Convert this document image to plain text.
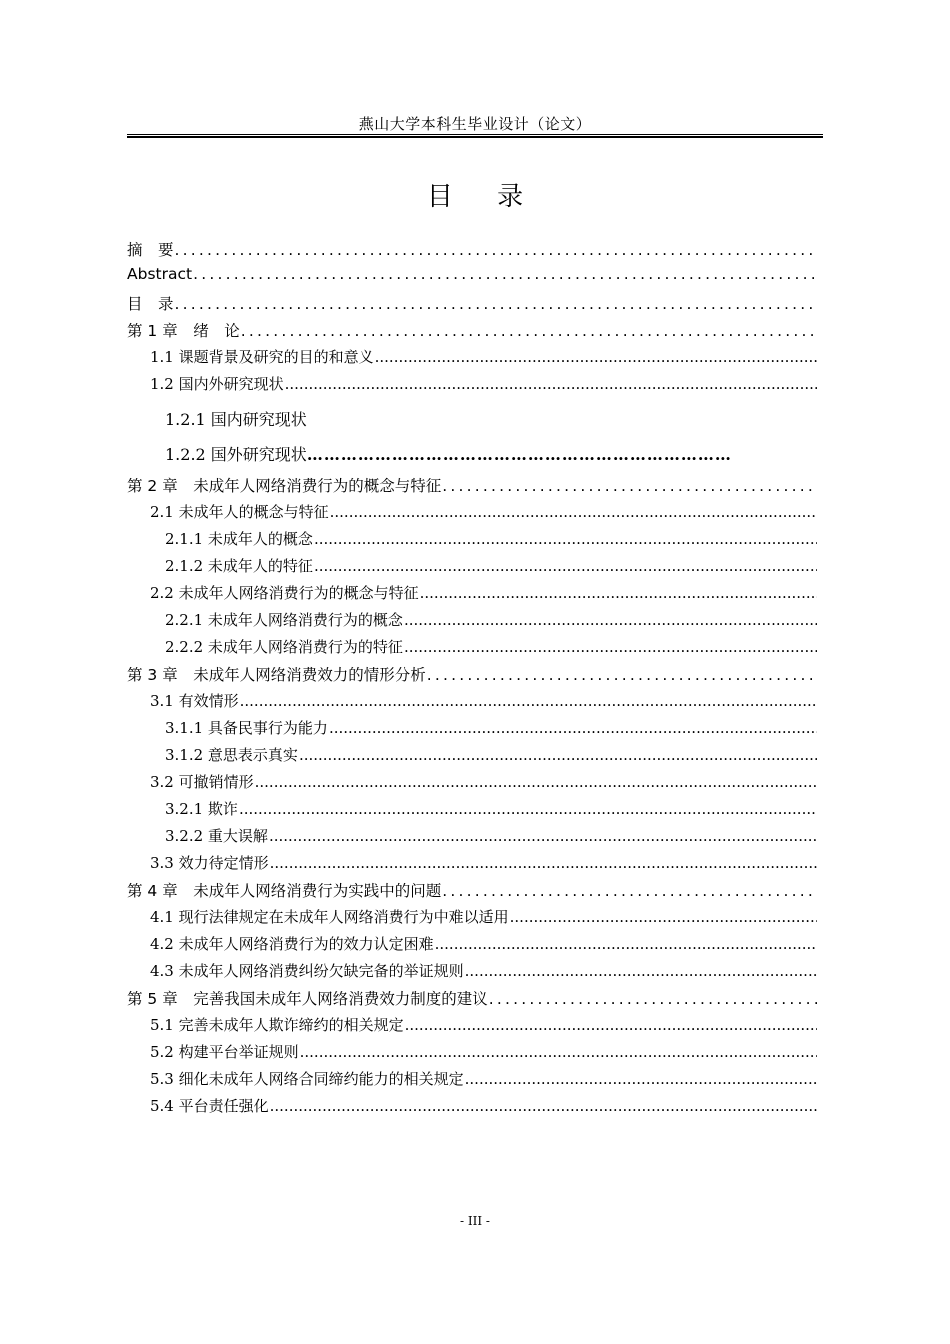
燕山大学本科生毕业设计（论文）
目 录
摘　要
.....
Abstract
.....
目　录
.....
第 1 章　绪　论
.....
1.1 课题背景及研究的目的和意义
.....
1.2 国内外研究现状
.....
1.2.1 国内研究现状
1.2.2 国外研究现状 …………………………………………………………………
第 2 章　未成年人网络消费行为的概念与特征
.....
2.1 未成年人的概念与特征
.....
2.1.1 未成年人的概念
.....
2.1.2 未成年人的特征
.....
2.2 未成年人网络消费行为的概念与特征
.....
2.2.1 未成年人网络消费行为的概念
.....
2.2.2 未成年人网络消费行为的特征
.....
第 3 章　未成年人网络消费效力的情形分析
.....
3.1 有效情形
.....
3.1.1 具备民事行为能力
.....
3.1.2 意思表示真实
.....
3.2 可撤销情形
.....
3.2.1 欺诈
.....
3.2.2 重大误解
.....
3.3 效力待定情形
.....
第 4 章　未成年人网络消费行为实践中的问题
.....
4.1 现行法律规定在未成年人网络消费行为中难以适用
.....
4.2 未成年人网络消费行为的效力认定困难
.....
4.3 未成年人网络消费纠纷欠缺完备的举证规则
.....
第 5 章　完善我国未成年人网络消费效力制度的建议
.....
5.1 完善未成年人欺诈缔约的相关规定
.....
5.2 构建平台举证规则
.....
5.3 细化未成年人网络合同缔约能力的相关规定
.....
5.4 平台责任强化
.....
- III -
